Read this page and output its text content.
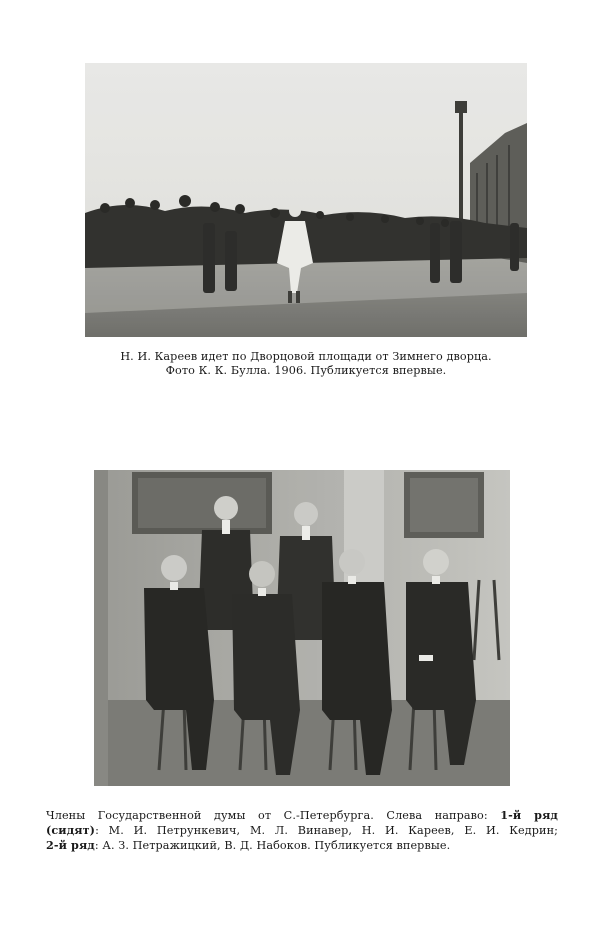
Н. И. Кареев идет по Дворцовой площади от Зимнего дворца.
Фото К. К. Булла. 1906. Публикуется впервые.
Члены Государственной думы от С.-Петербурга. Слева направо: 1-й ряд
(сидят): М. И. Петрункевич, М. Л. Винавер, Н. И. Кареев, Е. И. Кедрин;
2-й ряд: А. З. Петражицкий, В. Д. Набоков. Публикуется впервые.
